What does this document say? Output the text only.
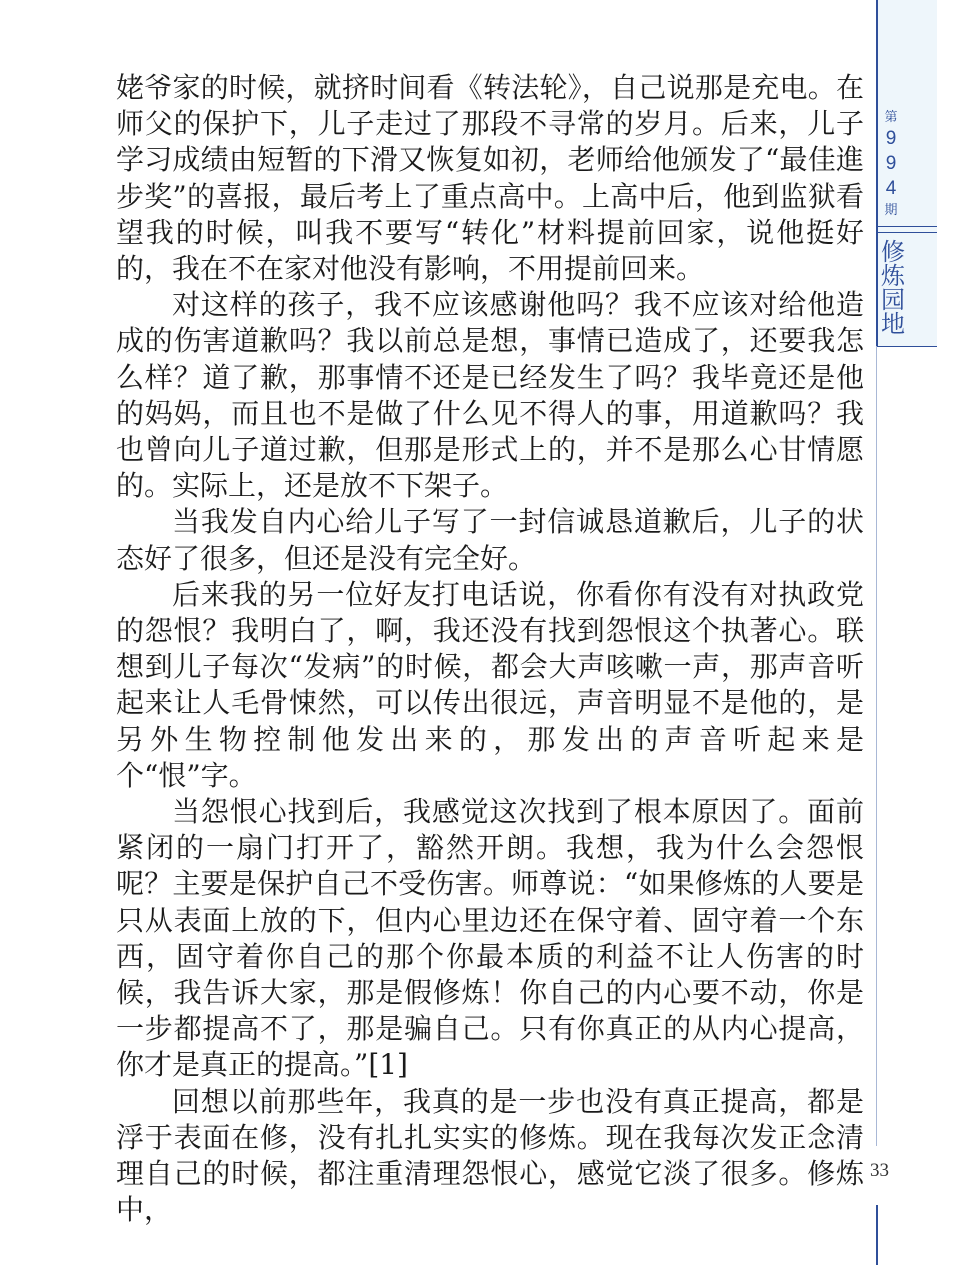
第
9
9
4
期
修
炼
园
地

姥爷家的时候，就挤时间看《转法轮》，自己说那是充电。在师父的保护下，儿子走过了那段不寻常的岁月。后来，儿子学习成绩由短暂的下滑又恢复如初，老师给他颁发了“最佳進步奖”的喜报，最后考上了重点高中。上高中后，他到监狱看望我的时候，叫我不要写“转化”材料提前回家，说他挺好的，我在不在家对他没有影响，不用提前回来。

对这样的孩子，我不应该感谢他吗？我不应该对给他造成的伤害道歉吗？我以前总是想，事情已造成了，还要我怎么样？道了歉，那事情不还是已经发生了吗？我毕竟还是他的妈妈，而且也不是做了什么见不得人的事，用道歉吗？我也曾向儿子道过歉，但那是形式上的，并不是那么心甘情愿的。实际上，还是放不下架子。

当我发自内心给儿子写了一封信诚恳道歉后，儿子的状态好了很多，但还是没有完全好。

后来我的另一位好友打电话说，你看你有没有对执政党的怨恨？我明白了，啊，我还没有找到怨恨这个执著心。联想到儿子每次“发病”的时候，都会大声咳嗽一声，那声音听起来让人毛骨悚然，可以传出很远，声音明显不是他的，是另外生物控制他发出来的，那发出的声音听起来是个“恨”字。

当怨恨心找到后，我感觉这次找到了根本原因了。面前紧闭的一扇门打开了，豁然开朗。我想，我为什么会怨恨呢？主要是保护自己不受伤害。师尊说：“如果修炼的人要是只从表面上放的下，但内心里边还在保守着、固守着一个东西，固守着你自己的那个你最本质的利益不让人伤害的时候，我告诉大家，那是假修炼！你自己的内心要不动，你是一步都提高不了，那是骗自己。只有你真正的从内心提高，你才是真正的提高。”[1]

回想以前那些年，我真的是一步也没有真正提高，都是浮于表面在修，没有扎扎实实的修炼。现在我每次发正念清理自己的时候，都注重清理怨恨心，感觉它淡了很多。修炼中，

33
